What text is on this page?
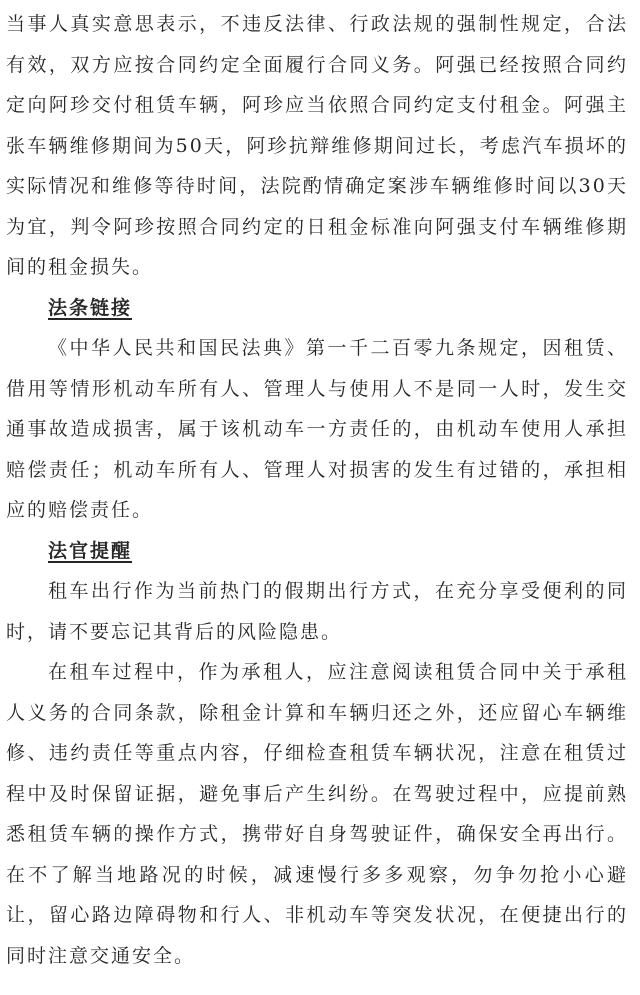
当事人真实意思表示，不违反法律、行政法规的强制性规定，合法有效，双方应按合同约定全面履行合同义务。阿强已经按照合同约定向阿珍交付租赁车辆，阿珍应当依照合同约定支付租金。阿强主张车辆维修期间为50天，阿珍抗辩维修期间过长，考虑汽车损坏的实际情况和维修等待时间，法院酌情确定案涉车辆维修时间以30天为宜，判令阿珍按照合同约定的日租金标准向阿强支付车辆维修期间的租金损失。

法条链接

《中华人民共和国民法典》第一千二百零九条规定，因租赁、借用等情形机动车所有人、管理人与使用人不是同一人时，发生交通事故造成损害，属于该机动车一方责任的，由机动车使用人承担赔偿责任；机动车所有人、管理人对损害的发生有过错的，承担相应的赔偿责任。

法官提醒

租车出行作为当前热门的假期出行方式，在充分享受便利的同时，请不要忘记其背后的风险隐患。

在租车过程中，作为承租人，应注意阅读租赁合同中关于承租人义务的合同条款，除租金计算和车辆归还之外，还应留心车辆维修、违约责任等重点内容，仔细检查租赁车辆状况，注意在租赁过程中及时保留证据，避免事后产生纠纷。在驾驶过程中，应提前熟悉租赁车辆的操作方式，携带好自身驾驶证件，确保安全再出行。在不了解当地路况的时候，减速慢行多多观察，勿争勿抢小心避让，留心路边障碍物和行人、非机动车等突发状况，在便捷出行的同时注意交通安全。
